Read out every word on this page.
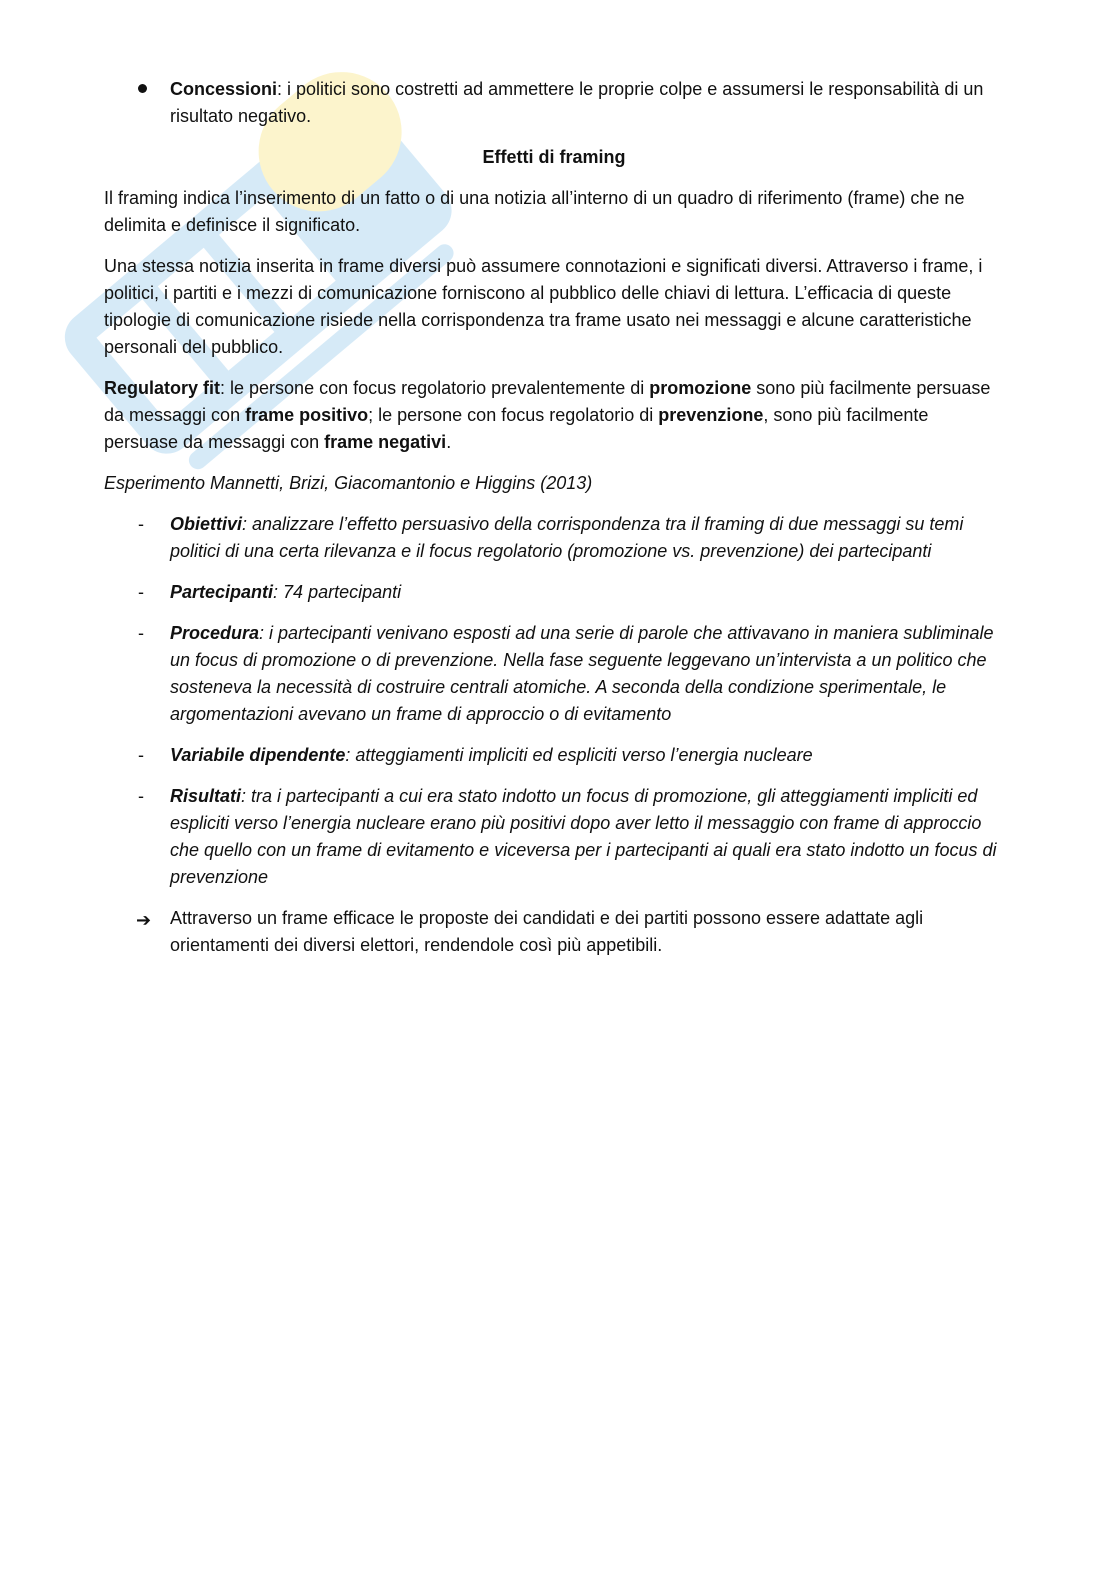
Concessioni: i politici sono costretti ad ammettere le proprie colpe e assumersi le responsabilità di un risultato negativo.

Effetti di framing

Il framing indica l’inserimento di un fatto o di una notizia all’interno di un quadro di riferimento (frame) che ne delimita e definisce il significato.

Una stessa notizia inserita in frame diversi può assumere connotazioni e significati diversi. Attraverso i frame, i politici, i partiti e i mezzi di comunicazione forniscono al pubblico delle chiavi di lettura. L’efficacia di queste tipologie di comunicazione risiede nella corrispondenza tra frame usato nei messaggi e alcune caratteristiche personali del pubblico.

Regulatory fit: le persone con focus regolatorio prevalentemente di promozione sono più facilmente persuase da messaggi con frame positivo; le persone con focus regolatorio di prevenzione, sono più facilmente persuase da messaggi con frame negativi.

Esperimento Mannetti, Brizi, Giacomantonio e Higgins (2013)

- Obiettivi: analizzare l’effetto persuasivo della corrispondenza tra il framing di due messaggi su temi politici di una certa rilevanza e il focus regolatorio (promozione vs. prevenzione) dei partecipanti

- Partecipanti: 74 partecipanti

- Procedura: i partecipanti venivano esposti ad una serie di parole che attivavano in maniera subliminale un focus di promozione o di prevenzione. Nella fase seguente leggevano un’intervista a un politico che sosteneva la necessità di costruire centrali atomiche. A seconda della condizione sperimentale, le argomentazioni avevano un frame di approccio o di evitamento

- Variabile dipendente: atteggiamenti impliciti ed espliciti verso l’energia nucleare

- Risultati: tra i partecipanti a cui era stato indotto un focus di promozione, gli atteggiamenti impliciti ed espliciti verso l’energia nucleare erano più positivi dopo aver letto il messaggio con frame di approccio che quello con un frame di evitamento e viceversa per i partecipanti ai quali era stato indotto un focus di prevenzione

➔ Attraverso un frame efficace le proposte dei candidati e dei partiti possono essere adattate agli orientamenti dei diversi elettori, rendendole così più appetibili.
